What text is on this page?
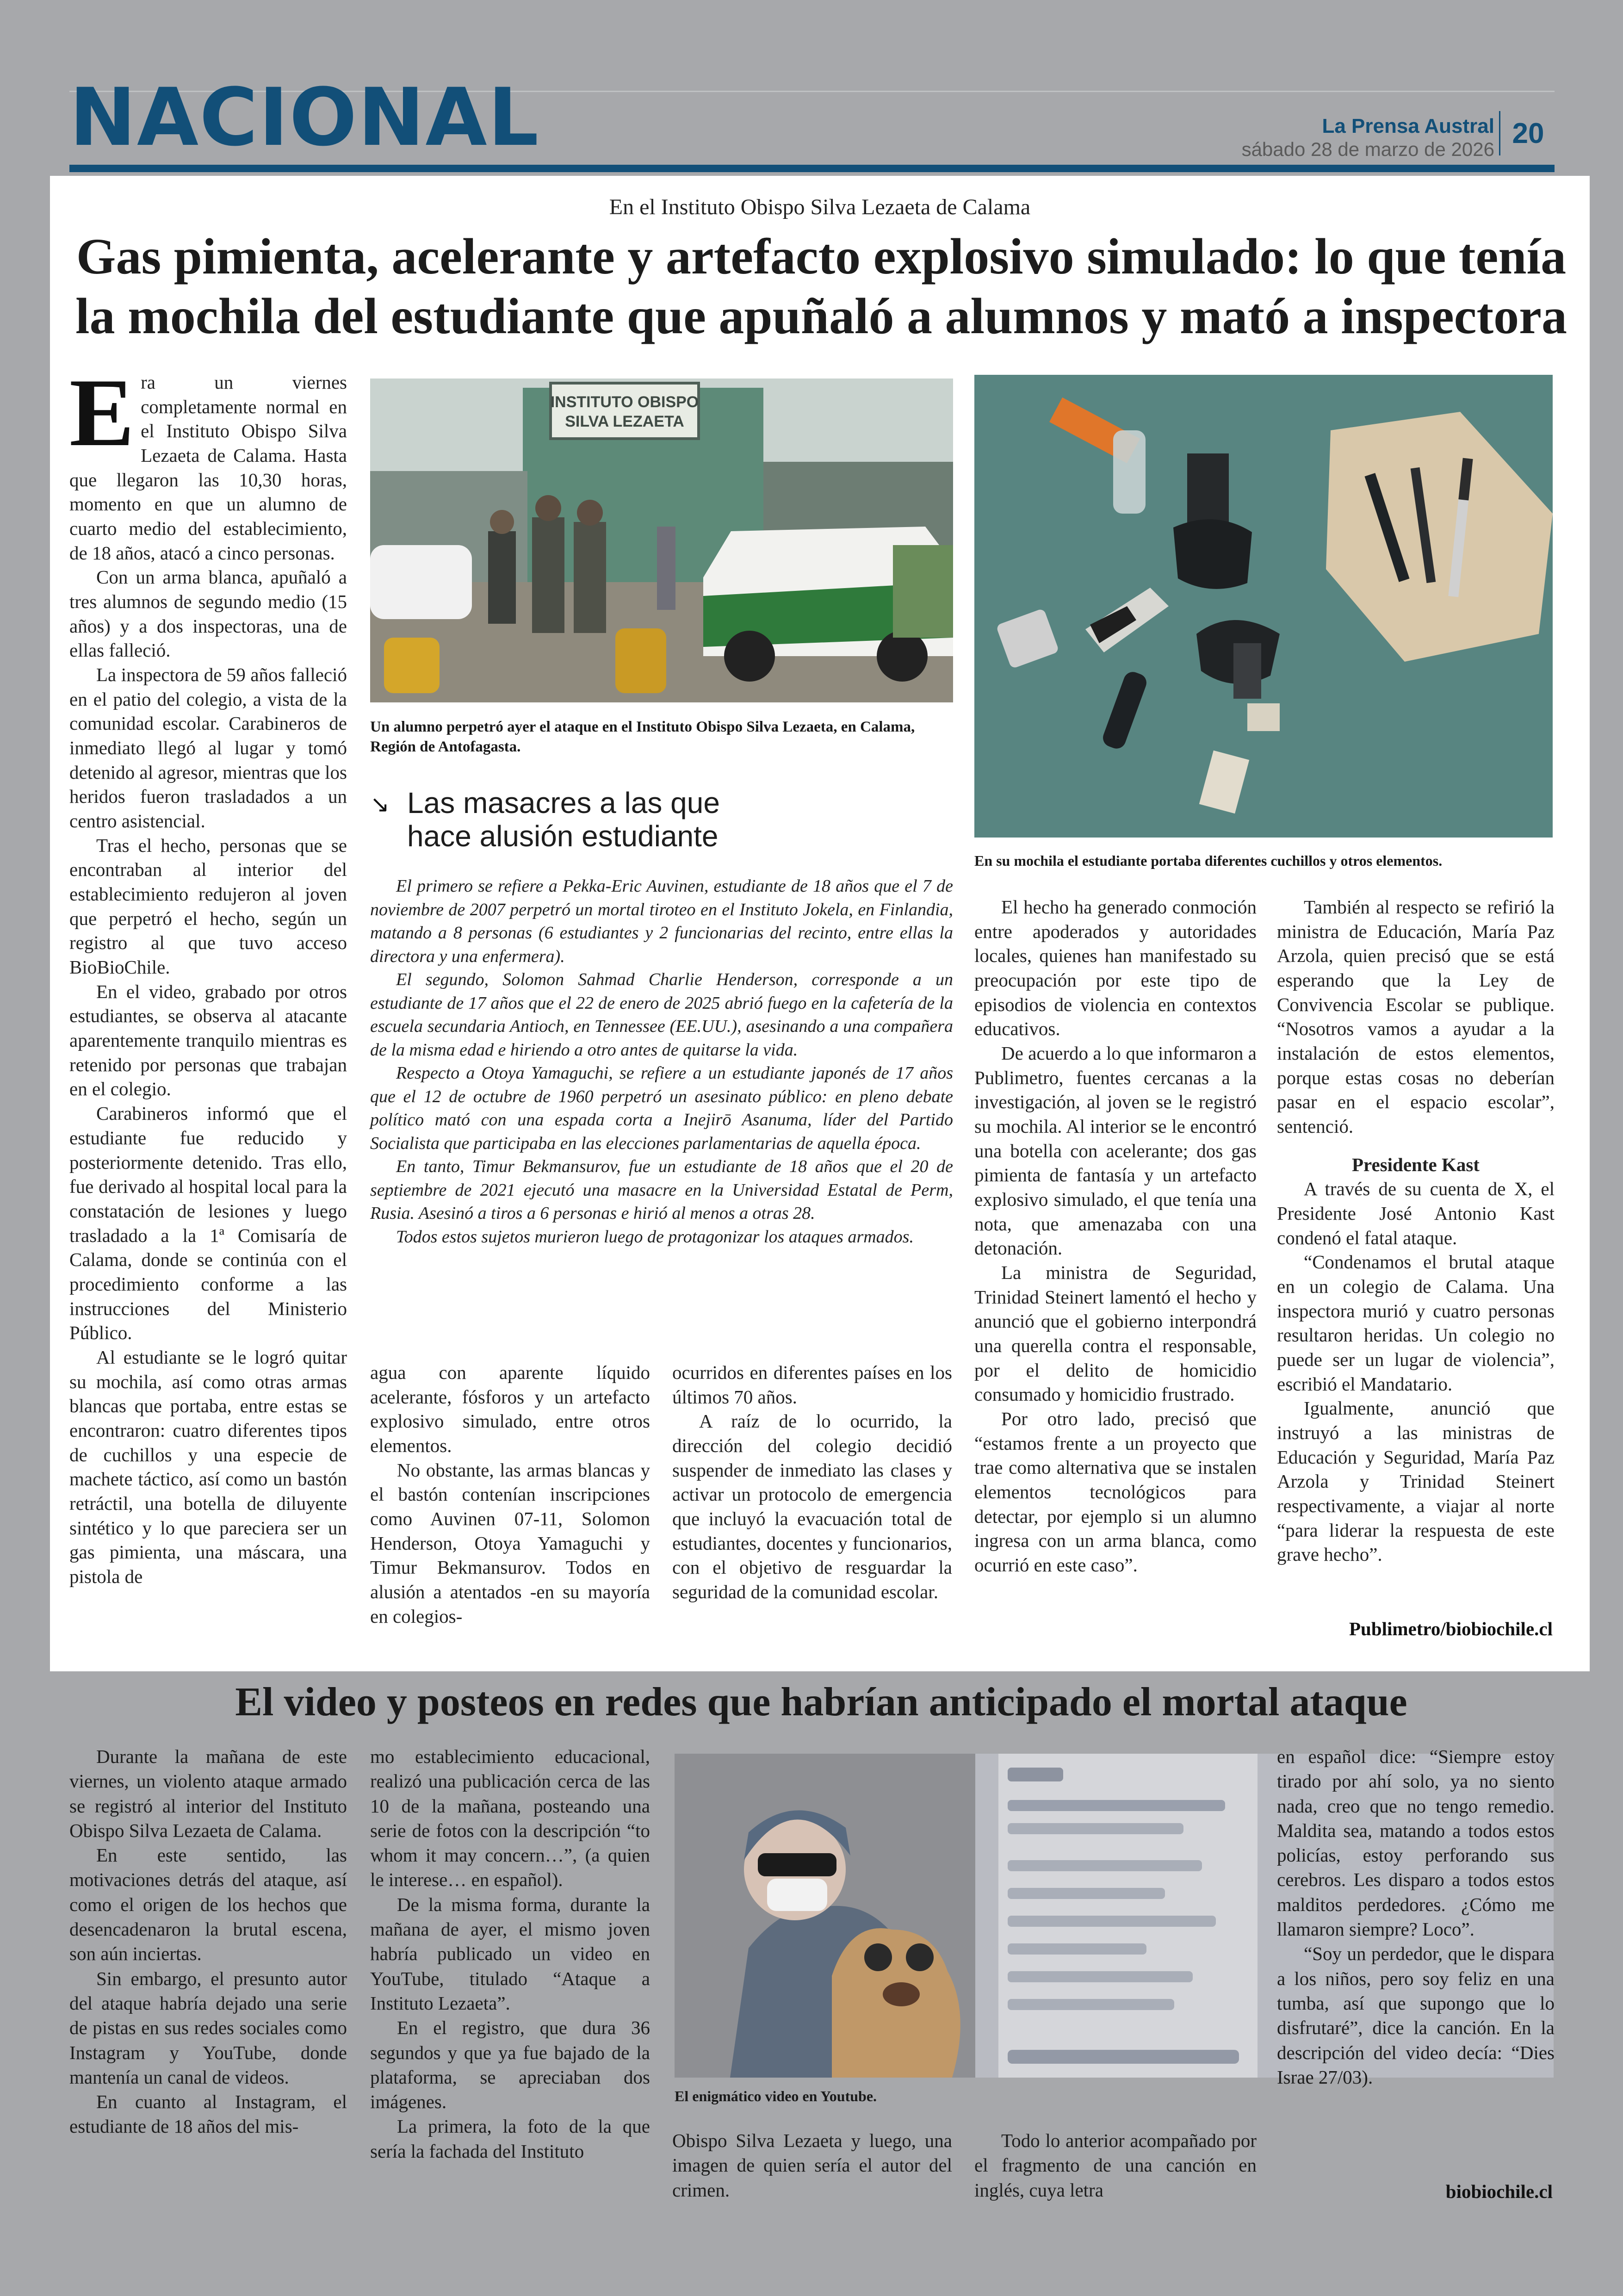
NACIONAL	La Prensa Austral
sábado 28 de marzo de 2026 20
En el Instituto Obispo Silva Lezaeta de Calama
Gas pimienta, acelerante y artefacto explosivo simulado: lo que tenía
la mochila del estudiante que apuñaló a alumnos y mató a inspectora

Era un viernes completamente normal en el Instituto Obispo Silva Lezaeta de Calama. Hasta que llegaron las 10,30 horas, momento en que un alumno de cuarto medio del establecimiento, de 18 años, atacó a cinco personas.

Con un arma blanca, apuñaló a tres alumnos de segundo medio (15 años) y a dos inspectoras, una de ellas falleció.

La inspectora de 59 años falleció en el patio del colegio, a vista de la comunidad escolar. Carabineros de inmediato llegó al lugar y tomó detenido al agresor, mientras que los heridos fueron trasladados a un centro asistencial.

Tras el hecho, personas que se encontraban al interior del establecimiento redujeron al joven que perpetró el hecho, según un registro al que tuvo acceso BioBioChile.

En el video, grabado por otros estudiantes, se observa al atacante aparentemente tranquilo mientras es retenido por personas que trabajan en el colegio.

Carabineros informó que el estudiante fue reducido y posteriormente detenido. Tras ello, fue derivado al hospital local para la constatación de lesiones y luego trasladado a la 1ª Comisaría de Calama, donde se continúa con el procedimiento conforme a las instrucciones del Ministerio Público.

Al estudiante se le logró quitar su mochila, así como otras armas blancas que portaba, entre estas se encontraron: cuatro diferentes tipos de cuchillos y una especie de machete táctico, así como un bastón retráctil, una botella de diluyente sintético y lo que pareciera ser un gas pimienta, una máscara, una pistola de

INSTITUTO OBISPO
SILVA LEZAETA
Un alumno perpetró ayer el ataque en el Instituto Obispo Silva Lezaeta, en Calama, Región de Antofagasta.
En su mochila el estudiante portaba diferentes cuchillos y otros elementos.
↘ Las masacres a las que
hace alusión estudiante

El primero se refiere a Pekka-Eric Auvinen, estudiante de 18 años que el 7 de noviembre de 2007 perpetró un mortal tiroteo en el Instituto Jokela, en Finlandia, matando a 8 personas (6 estudiantes y 2 funcionarias del recinto, entre ellas la directora y una enfermera).

El segundo, Solomon Sahmad Charlie Henderson, corresponde a un estudiante de 17 años que el 22 de enero de 2025 abrió fuego en la cafetería de la escuela secundaria Antioch, en Tennessee (EE.UU.), asesinando a una compañera de la misma edad e hiriendo a otro antes de quitarse la vida.

Respecto a Otoya Yamaguchi, se refiere a un estudiante japonés de 17 años que el 12 de octubre de 1960 perpetró un asesinato público: en pleno debate político mató con una espada corta a Inejirō Asanuma, líder del Partido Socialista que participaba en las elecciones parlamentarias de aquella época.

En tanto, Timur Bekmansurov, fue un estudiante de 18 años que el 20 de septiembre de 2021 ejecutó una masacre en la Universidad Estatal de Perm, Rusia. Asesinó a tiros a 6 personas e hirió al menos a otras 28.

Todos estos sujetos murieron luego de protagonizar los ataques armados.

agua con aparente líquido acelerante, fósforos y un artefacto explosivo simulado, entre otros elementos.

No obstante, las armas blancas y el bastón contenían inscripciones como Auvinen 07-11, Solomon Henderson, Otoya Yamaguchi y Timur Bekmansurov. Todos en alusión a atentados -en su mayoría en colegios-

ocurridos en diferentes países en los últimos 70 años.

A raíz de lo ocurrido, la dirección del colegio decidió suspender de inmediato las clases y activar un protocolo de emergencia que incluyó la evacuación total de estudiantes, docentes y funcionarios, con el objetivo de resguardar la seguridad de la comunidad escolar.

El hecho ha generado conmoción entre apoderados y autoridades locales, quienes han manifestado su preocupación por este tipo de episodios de violencia en contextos educativos.

De acuerdo a lo que informaron a Publimetro, fuentes cercanas a la investigación, al joven se le registró su mochila. Al interior se le encontró una botella con acelerante; dos gas pimienta de fantasía y un artefacto explosivo simulado, el que tenía una nota, que amenazaba con una detonación.

La ministra de Seguridad, Trinidad Steinert lamentó el hecho y anunció que el gobierno interpondrá una querella contra el responsable, por el delito de homicidio consumado y homicidio frustrado.

Por otro lado, precisó que “estamos frente a un proyecto que trae como alternativa que se instalen elementos tecnológicos para detectar, por ejemplo si un alumno ingresa con un arma blanca, como ocurrió en este caso”.

También al respecto se refirió la ministra de Educación, María Paz Arzola, quien precisó que se está esperando que la Ley de Convivencia Escolar se publique. “Nosotros vamos a ayudar a la instalación de estos elementos, porque estas cosas no deberían pasar en el espacio escolar”, sentenció.

Presidente Kast

A través de su cuenta de X, el Presidente José Antonio Kast condenó el fatal ataque.

“Condenamos el brutal ataque en un colegio de Calama. Una inspectora murió y cuatro personas resultaron heridas. Un colegio no puede ser un lugar de violencia”, escribió el Mandatario.

Igualmente, anunció que instruyó a las ministras de Educación y Seguridad, María Paz Arzola y Trinidad Steinert respectivamente, a viajar al norte “para liderar la respuesta de este grave hecho”.

Publimetro/biobiochile.cl
El video y posteos en redes que habrían anticipado el mortal ataque

Durante la mañana de este viernes, un violento ataque armado se registró al interior del Instituto Obispo Silva Lezaeta de Calama.

En este sentido, las motivaciones detrás del ataque, así como el origen de los hechos que desencadenaron la brutal escena, son aún inciertas.

Sin embargo, el presunto autor del ataque habría dejado una serie de pistas en sus redes sociales como Instagram y YouTube, donde mantenía un canal de videos.

En cuanto al Instagram, el estudiante de 18 años del mis-

mo establecimiento educacional, realizó una publicación cerca de las 10 de la mañana, posteando una serie de fotos con la descripción “to whom it may concern…”, (a quien le interese… en español).

De la misma forma, durante la mañana de ayer, el mismo joven habría publicado un video en YouTube, titulado “Ataque a Instituto Lezaeta”.

En el registro, que dura 36 segundos y que ya fue bajado de la plataforma, se apreciaban dos imágenes.

La primera, la foto de la que sería la fachada del Instituto

El enigmático video en Youtube.

Obispo Silva Lezaeta y luego, una imagen de quien sería el autor del crimen.

Todo lo anterior acompañado por el fragmento de una canción en inglés, cuya letra

en español dice: “Siempre estoy tirado por ahí solo, ya no siento nada, creo que no tengo remedio. Maldita sea, matando a todos estos policías, estoy perforando sus cerebros. Les disparo a todos estos malditos perdedores. ¿Cómo me llamaron siempre? Loco”.

“Soy un perdedor, que le dispara a los niños, pero soy feliz en una tumba, así que supongo que lo disfrutaré”, dice la canción. En la descripción del video decía: “Dies Israe 27/03).

biobiochile.cl
